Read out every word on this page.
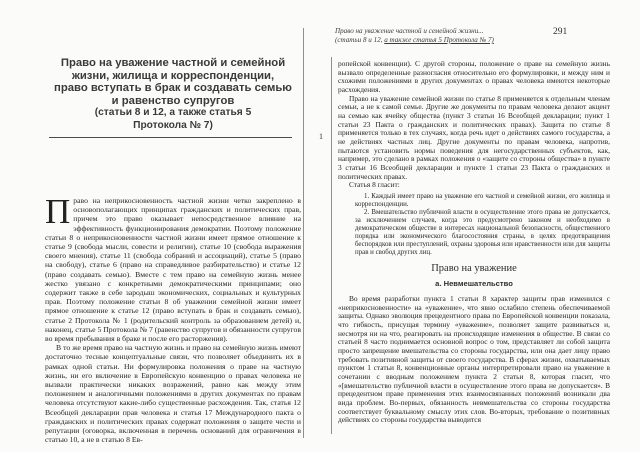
Право на уважение частной и семейной
жизни, жилища и корреспонденции,
право вступать в брак и создавать семью
и равенство супругов
(статьи 8 и 12, а также статья 5
Протокола № 7)

Право на неприкосновенность частной жизни четко закреплено в основополагающих принципах гражданских и политических прав, причем это право оказывает непосредственное влияние на эффективность функционирования демократии. Поэтому положение статьи 8 о неприкосновенности частной жизни имеет прямое отношение к статье 9 (свобода мысли, совести и религии), статье 10 (свобода выражения своего мнения), статье 11 (свобода собраний и ассоциаций), статье 5 (право на свободу), статье 6 (право на справедливое разбирательство) и статье 12 (право создавать семью). Вместе с тем право на семейную жизнь менее жестко увязано с конкретными демократическими принципами; оно содержит также в себе зародыш экономических, социальных и культурных прав. Поэтому положение статьи 8 об уважении семейной жизни имеет прямое отношение к статье 12 (право вступать в брак и создавать семью), статье 2 Протокола № 1 (родительский контроль за образованием детей) и, наконец, статье 5 Протокола № 7 (равенство супругов и обязанности супругов во время пребывания в браке и после его расторжения).

В то же время право на частную жизнь и право на семейную жизнь имеют достаточно тесные концептуальные связи, что позволяет объединить их в рамках одной статьи. Ни формулировка положения о праве на частную жизнь, ни его включение в Европейскую конвенцию о правах человека не вызвали практически никаких возражений, равно как между этим положением и аналогичными положениями в других документах по правам человека отсутствуют какие-либо существенные расхождения. Так, статья 12 Всеобщей декларации прав человека и статья 17 Международного пакта о гражданских и политических правах содержат положения о защите чести и репутации (оговорка, включенная в перечень оснований для ограничения в статью 10, а не в статью 8 Ев-

1
Право на уважение частной и семейной жизни...
(статьи 8 и 12, а также статья 5 Протокола № 7)
291

ропейской конвенции). С другой стороны, положение о праве на семейную жизнь вызвало определенные разногласия относительно его формулировки, и между ним и схожими положениями в других документах о правах человека имеются некоторые расхождения.

Право на уважение семейной жизни по статье 8 применяется к отдельным членам семьи, а не к самой семье. Другие же документы по правам человека делают акцент на семью как ячейку общества (пункт 3 статьи 16 Всеобщей декларации; пункт 1 статьи 23 Пакта о гражданских и политических правах). Защита по статье 8 применяется только в тех случаях, когда речь идет о действиях самого государства, а не действиях частных лиц. Другие документы по правам человека, напротив, пытаются установить нормы поведения для негосударственных субъектов, как, например, это сделано в рамках положения о «защите со стороны общества» в пункте 3 статьи 16 Всеобщей декларации и пункте 1 статьи 23 Пакта о гражданских и политических правах.

Статья 8 гласит:

1. Каждый имеет право на уважение его частной и семейной жизни, его жилища и корреспонденции.

2. Вмешательство публичной власти в осуществление этого права не допускается, за исключением случаев, когда это предусмотрено законом и необходимо в демократическом обществе в интересах национальной безопасности, общественного порядка или экономического благосостояния страны, в целях предотвращения беспорядков или преступлений, охраны здоровья или нравственности или для защиты прав и свобод других лиц.

Право на уважение
а. Невмешательство

Во время разработки пункта 1 статьи 8 характер защиты прав изменился с «неприкосновенности» на «уважение», что явно ослабило степень обеспечиваемой защиты. Однако эволюция прецедентного права по Европейской конвенции показала, что гибкость, присущая термину «уважение», позволяет защите развиваться и, несмотря ни на что, реагировать на происходящие изменения в обществе. В связи со статьей 8 часто поднимается основной вопрос о том, представляет ли собой защита просто запрещение вмешательства со стороны государства, или она дает лицу право требовать позитивной защиты от своего государства. В сферах жизни, охватываемых пунктом 1 статьи 8, конвенционные органы интерпретировали право на уважение в сочетании с вводным положением пункта 2 статьи 8, которая гласит, что «[вмешательство публичной власти в осуществление этого права не допускается». В прецедентном праве применения этих взаимосвязанных положений возникали два вида проблем. Во-первых, обязанность невмешательства со стороны государства соответствует буквальному смыслу этих слов. Во-вторых, требование о позитивных действиях со стороны государства выводится
